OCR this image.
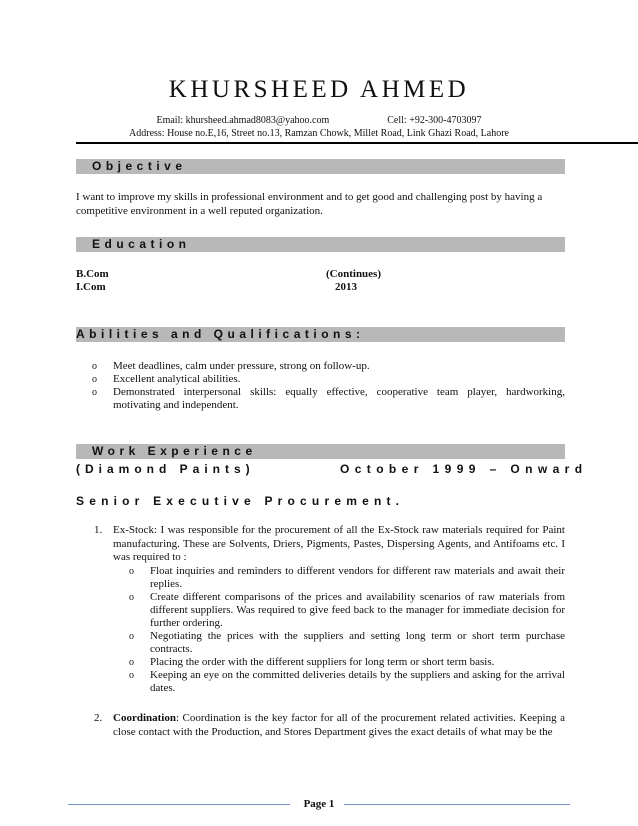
KHURSHEED AHMED
Email: khursheed.ahmad8083@yahoo.com	Cell: +92-300-4703097
Address: House no.E,16, Street no.13, Ramzan Chowk, Millet Road, Link Ghazi Road, Lahore
Objective
I want to improve my skills in professional environment and to get good and challenging post by having a competitive environment in a well reputed organization.
Education
B.Com	(Continues)
I.Com	2013
Abilities and Qualifications:
o Meet deadlines, calm under pressure, strong on follow-up.
o Excellent analytical abilities.
o Demonstrated interpersonal skills: equally effective, cooperative team player, hardworking, motivating and independent.
Work Experience
(Diamond Paints)	October 1999 – Onward
Senior Executive Procurement.
1. Ex-Stock: I was responsible for the procurement of all the Ex-Stock raw materials required for Paint manufacturing. These are Solvents, Driers, Pigments, Pastes, Dispersing Agents, and Antifoams etc. I was required to :
o Float inquiries and reminders to different vendors for different raw materials and await their replies.
o Create different comparisons of the prices and availability scenarios of raw materials from different suppliers. Was required to give feed back to the manager for immediate decision for further ordering.
o Negotiating the prices with the suppliers and setting long term or short term purchase contracts.
o Placing the order with the different suppliers for long term or short term basis.
o Keeping an eye on the committed deliveries details by the suppliers and asking for the arrival dates.
2. Coordination: Coordination is the key factor for all of the procurement related activities. Keeping a close contact with the Production, and Stores Department gives the exact details of what may be the
Page 1
